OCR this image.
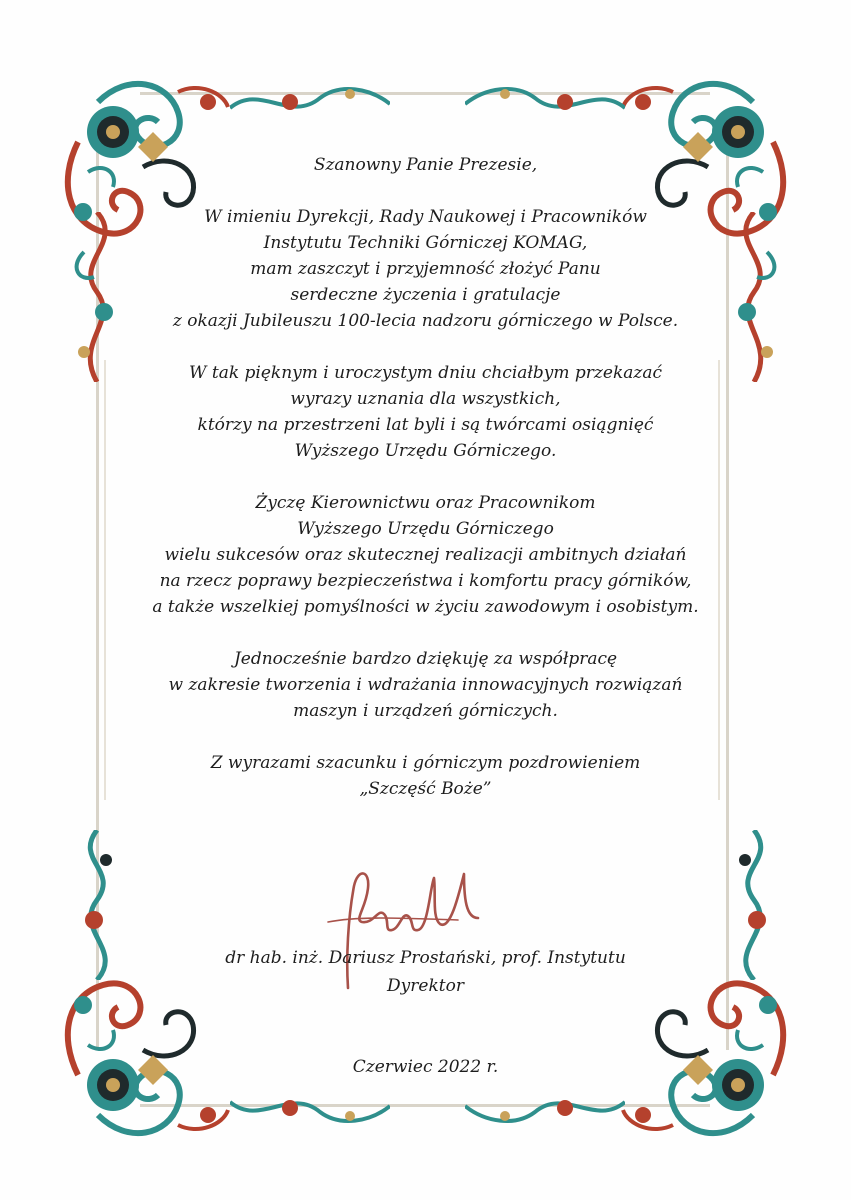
Szanowny Panie Prezesie,
W imieniu Dyrekcji, Rady Naukowej i Pracowników
Instytutu Techniki Górniczej KOMAG,
mam zaszczyt i przyjemność złożyć Panu
serdeczne życzenia i gratulacje
z okazji Jubileuszu 100-lecia nadzoru górniczego w Polsce.
W tak pięknym i uroczystym dniu chciałbym przekazać
wyrazy uznania dla wszystkich,
którzy na przestrzeni lat byli i są twórcami osiągnięć
Wyższego Urzędu Górniczego.
Życzę Kierownictwu oraz Pracownikom
Wyższego Urzędu Górniczego
wielu sukcesów oraz skutecznej realizacji ambitnych działań
na rzecz poprawy bezpieczeństwa i komfortu pracy górników,
a także wszelkiej pomyślności w życiu zawodowym i osobistym.
Jednocześnie bardzo dziękuję za współpracę
w zakresie tworzenia i wdrażania innowacyjnych rozwiązań
maszyn i urządzeń górniczych.
Z wyrazami szacunku i górniczym pozdrowieniem
„Szczęść Boże”
dr hab. inż. Dariusz Prostański, prof. Instytutu
Dyrektor
Czerwiec 2022 r.
